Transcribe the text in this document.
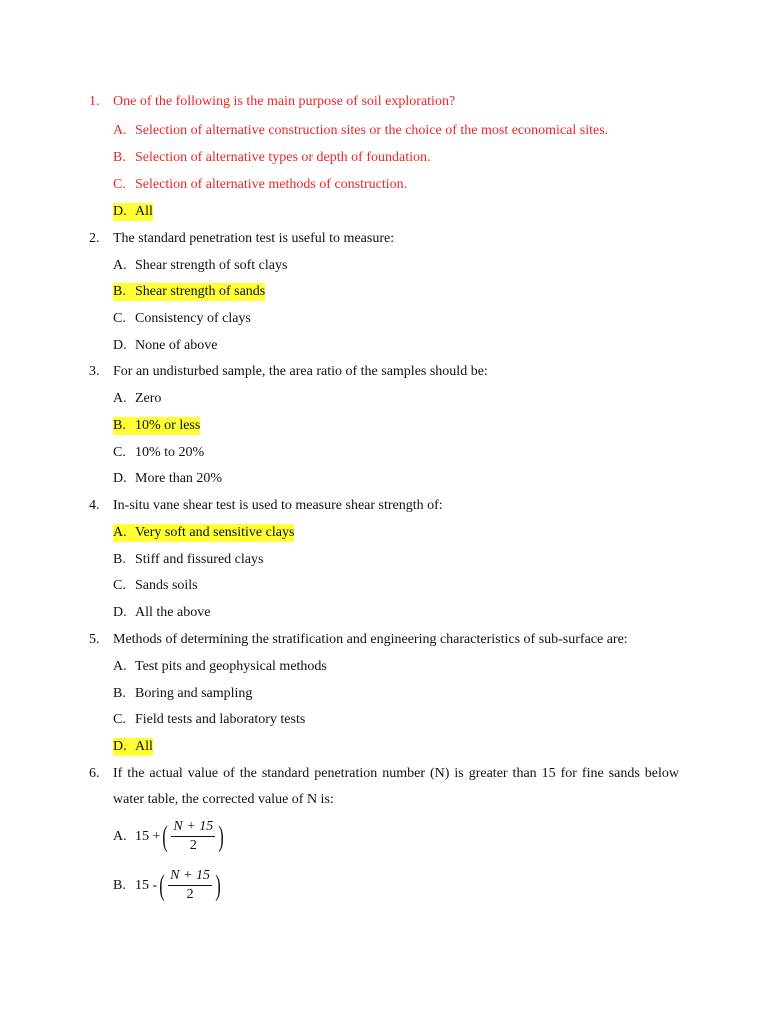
1. One of the following is the main purpose of soil exploration?
A. Selection of alternative construction sites or the choice of the most economical sites.
B. Selection of alternative types or depth of foundation.
C. Selection of alternative methods of construction.
D. All
2. The standard penetration test is useful to measure:
A. Shear strength of soft clays
B. Shear strength of sands
C. Consistency of clays
D. None of above
3. For an undisturbed sample, the area ratio of the samples should be:
A. Zero
B. 10% or less
C. 10% to 20%
D. More than 20%
4. In-situ vane shear test is used to measure shear strength of:
A. Very soft and sensitive clays
B. Stiff and fissured clays
C. Sands soils
D. All the above
5. Methods of determining the stratification and engineering characteristics of sub-surface are:
A. Test pits and geophysical methods
B. Boring and sampling
C. Field tests and laboratory tests
D. All
6. If the actual value of the standard penetration number (N) is greater than 15 for fine sands below water table, the corrected value of N is:
A. 15 + ( $\frac{N + 15}{2}$ )
B. 15 - ( $\frac{N + 15}{2}$ )
